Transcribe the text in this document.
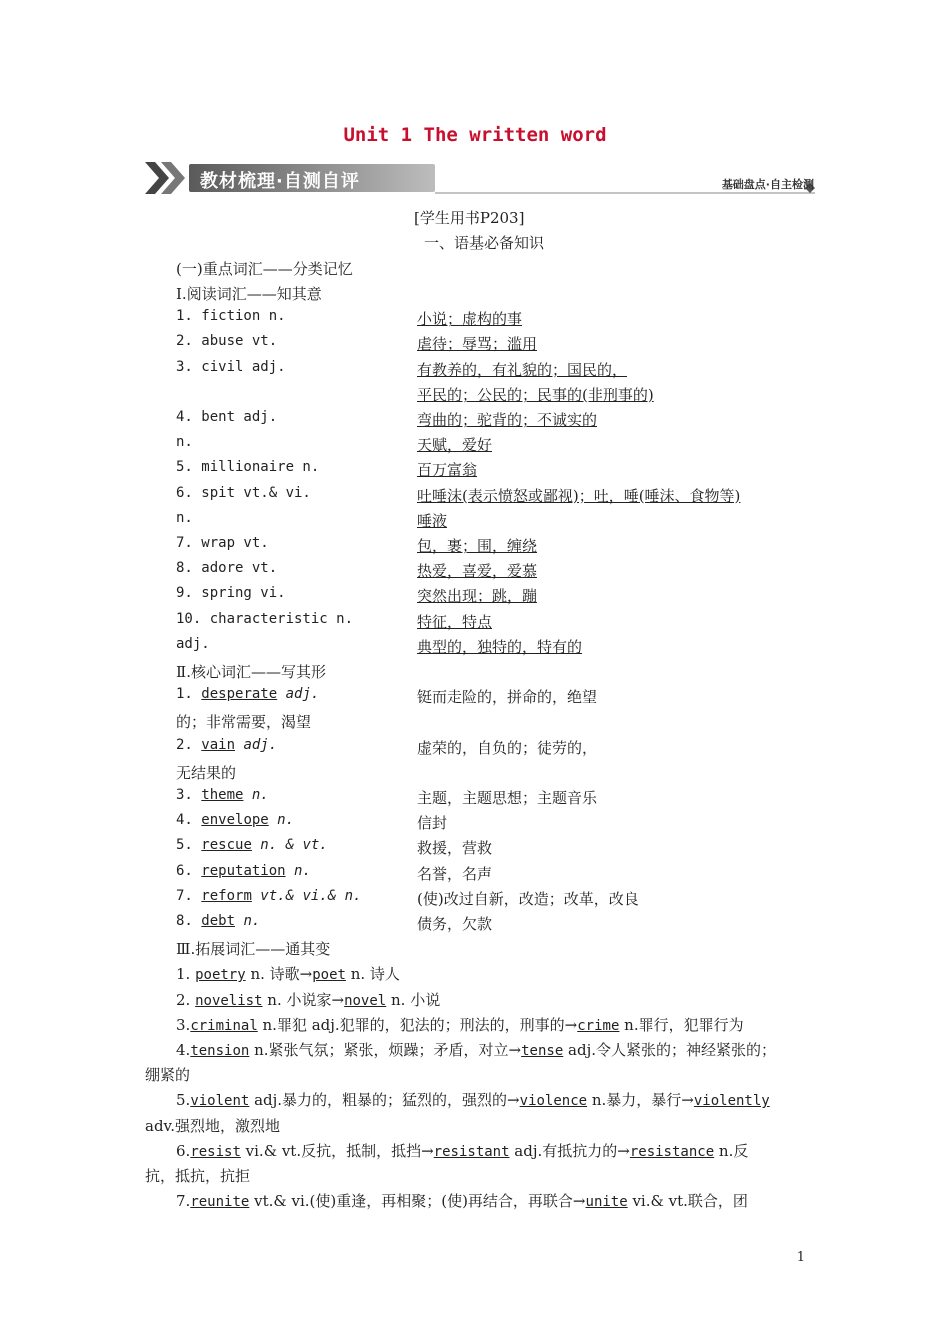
Unit 1 The written word
教材梳理·自测自评	基础盘点·自主检测
[学生用书P203]
一、语基必备知识
(一)重点词汇——分类记忆
Ⅰ.阅读词汇——知其意
1. fiction n.	小说；虚构的事
2. abuse vt.	虐待；辱骂；滥用
3. civil adj.	有教养的，有礼貌的；国民的，
平民的；公民的；民事的(非刑事的)
4. bent adj.	弯曲的；驼背的；不诚实的
n.	天赋，爱好
5. millionaire n.	百万富翁
6. spit vt.& vi.	吐唾沫(表示愤怒或鄙视)；吐，唾(唾沫、食物等)
n.	唾液
7. wrap vt.	包，裹；围，缠绕
8. adore vt.	热爱，喜爱，爱慕
9. spring vi.	突然出现；跳，蹦
10. characteristic n.	特征，特点
adj.	典型的，独特的，特有的
Ⅱ.核心词汇——写其形
1. desperate adj.	铤而走险的，拼命的，绝望
的；非常需要，渴望
2. vain adj.	虚荣的，自负的；徒劳的，
无结果的
3. theme n.	主题，主题思想；主题音乐
4. envelope n.	信封
5. rescue n. & vt.	救援，营救
6. reputation n.	名誉，名声
7. reform vt.& vi.& n.	(使)改过自新，改造；改革，改良
8. debt n.	债务，欠款
Ⅲ.拓展词汇——通其变
1. poetry n. 诗歌→poet n. 诗人
2. novelist n. 小说家→novel n. 小说
3.criminal n.罪犯 adj.犯罪的，犯法的；刑法的，刑事的→crime n.罪行，犯罪行为
4.tension n.紧张气氛；紧张，烦躁；矛盾，对立→tense adj.令人紧张的；神经紧张的；
绷紧的
5.violent adj.暴力的，粗暴的；猛烈的，强烈的→violence n.暴力，暴行→violently
adv.强烈地，激烈地
6.resist vi.& vt.反抗，抵制，抵挡→resistant adj.有抵抗力的→resistance n.反
抗，抵抗，抗拒
7.reunite vt.& vi.(使)重逢，再相聚；(使)再结合，再联合→unite vi.& vt.联合，团
1
